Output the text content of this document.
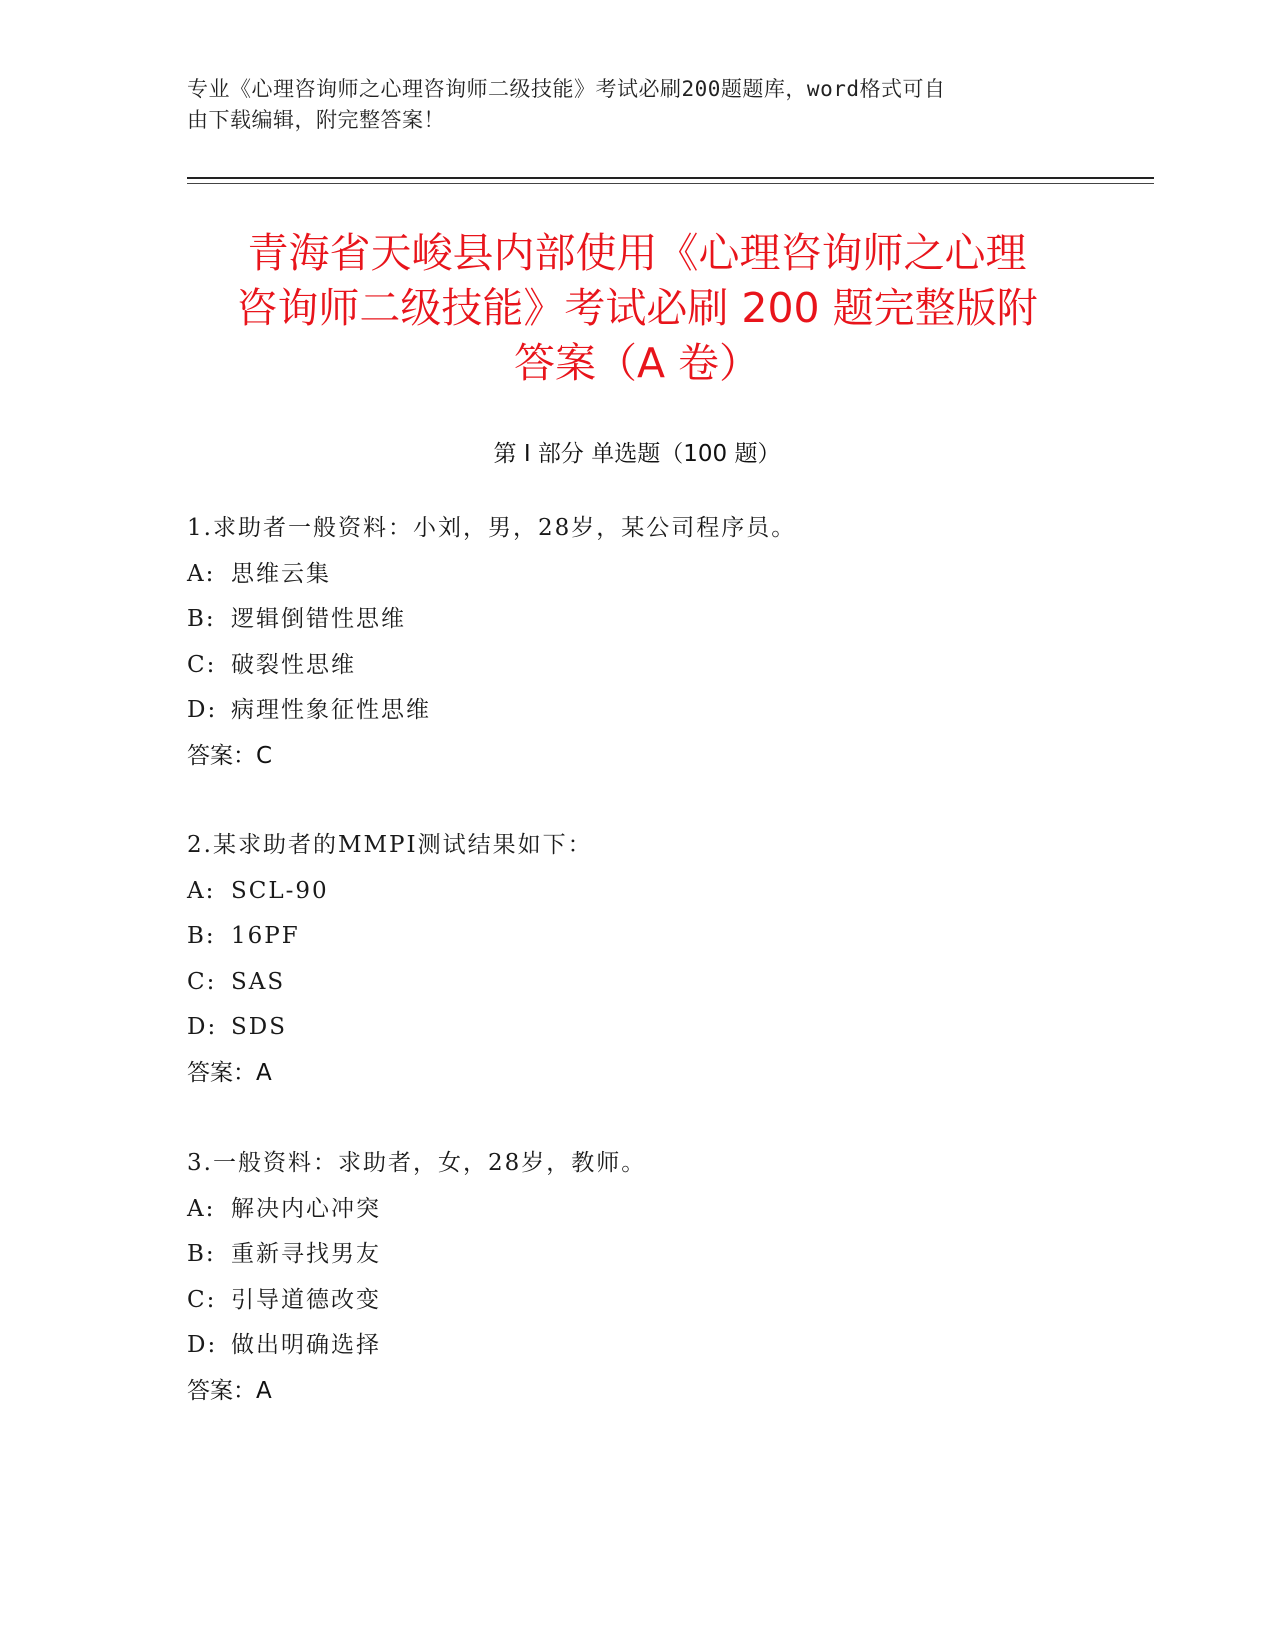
专业《心理咨询师之心理咨询师二级技能》考试必刷200题题库，word格式可自
由下载编辑，附完整答案！
青海省天峻县内部使用《心理咨询师之心理
咨询师二级技能》考试必刷 200 题完整版附
答案（A 卷）
第 I 部分 单选题（100 题）
1.求助者一般资料：小刘，男，28岁，某公司程序员。
A: 思维云集
B: 逻辑倒错性思维
C: 破裂性思维
D: 病理性象征性思维
答案：C
2.某求助者的MMPI测试结果如下：
A: SCL-90
B: 16PF
C: SAS
D: SDS
答案：A
3.一般资料：求助者，女，28岁，教师。
A: 解决内心冲突
B: 重新寻找男友
C: 引导道德改变
D: 做出明确选择
答案：A
